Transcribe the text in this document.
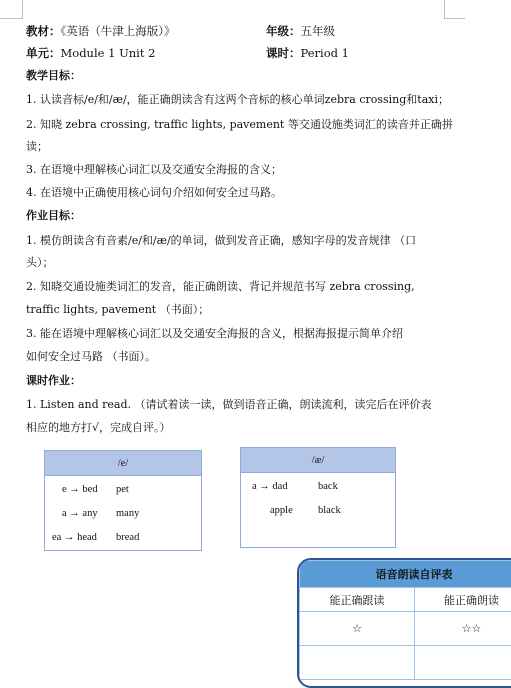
教材：《英语（牛津上海版）》	年级：五年级
单元：Module 1 Unit 2	课时：Period 1
教学目标：
1. 认读音标/e/和/æ/，能正确朗读含有这两个音标的核心单词zebra crossing和taxi；
2. 知晓 zebra crossing, traffic lights, pavement 等交通设施类词汇的读音并正确拼
读；
3. 在语境中理解核心词汇以及交通安全海报的含义；
4. 在语境中正确使用核心词句介绍如何安全过马路。
作业目标：
1. 模仿朗读含有音素/e/和/æ/的单词，做到发音正确，感知字母的发音规律 （口
头）；
2. 知晓交通设施类词汇的发音，能正确朗读、背记并规范书写 zebra crossing,
traffic lights, pavement （书面）；
3. 能在语境中理解核心词汇以及交通安全海报的含义，根据海报提示简单介绍
如何安全过马路 （书面）。
课时作业：
1. Listen and read. （请试着读一读，做到语音正确，朗读流利，读完后在评价表
相应的地方打√，完成自评。）
/e/

e → bed	pet
a → any	many
ea → head	bread
/æ/

a → dad	back
apple	black
语音朗读自评表	
能正确跟读	能正确朗读
☆	☆☆
